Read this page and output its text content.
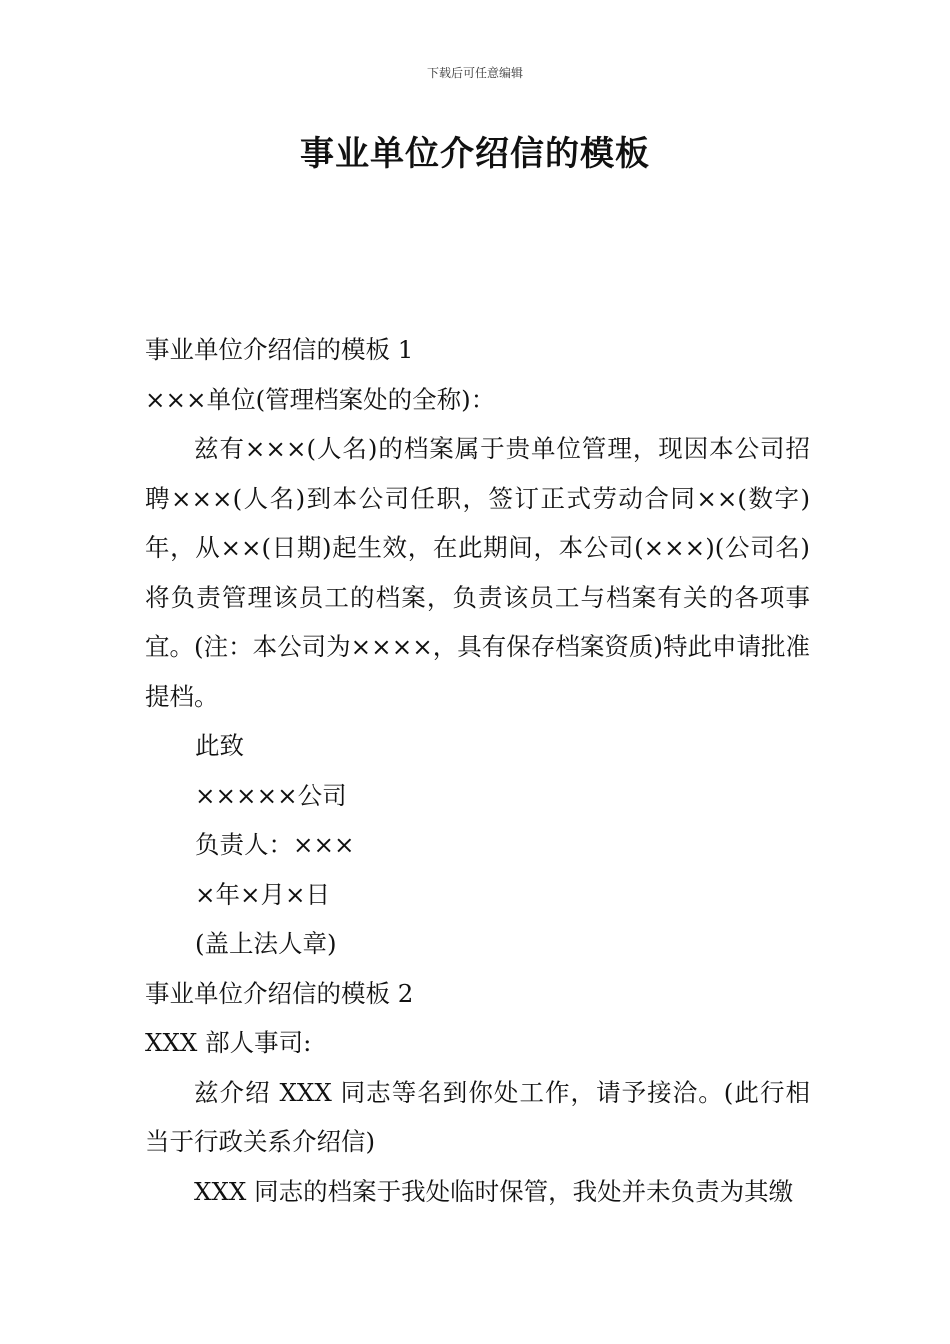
下载后可任意编辑
事业单位介绍信的模板
事业单位介绍信的模板 1
×××单位(管理档案处的全称)：

兹有×××(人名)的档案属于贵单位管理，现因本公司招聘×××(人名)到本公司任职，签订正式劳动合同××(数字)年，从××(日期)起生效，在此期间，本公司(×××)(公司名)将负责管理该员工的档案，负责该员工与档案有关的各项事宜。(注：本公司为××××，具有保存档案资质)特此申请批准提档。

此致
×××××公司
负责人：×××
×年×月×日
(盖上法人章)
事业单位介绍信的模板 2
XXX 部人事司:

兹介绍 XXX 同志等名到你处工作，请予接洽。(此行相当于行政关系介绍信)

XXX 同志的档案于我处临时保管，我处并未负责为其缴
